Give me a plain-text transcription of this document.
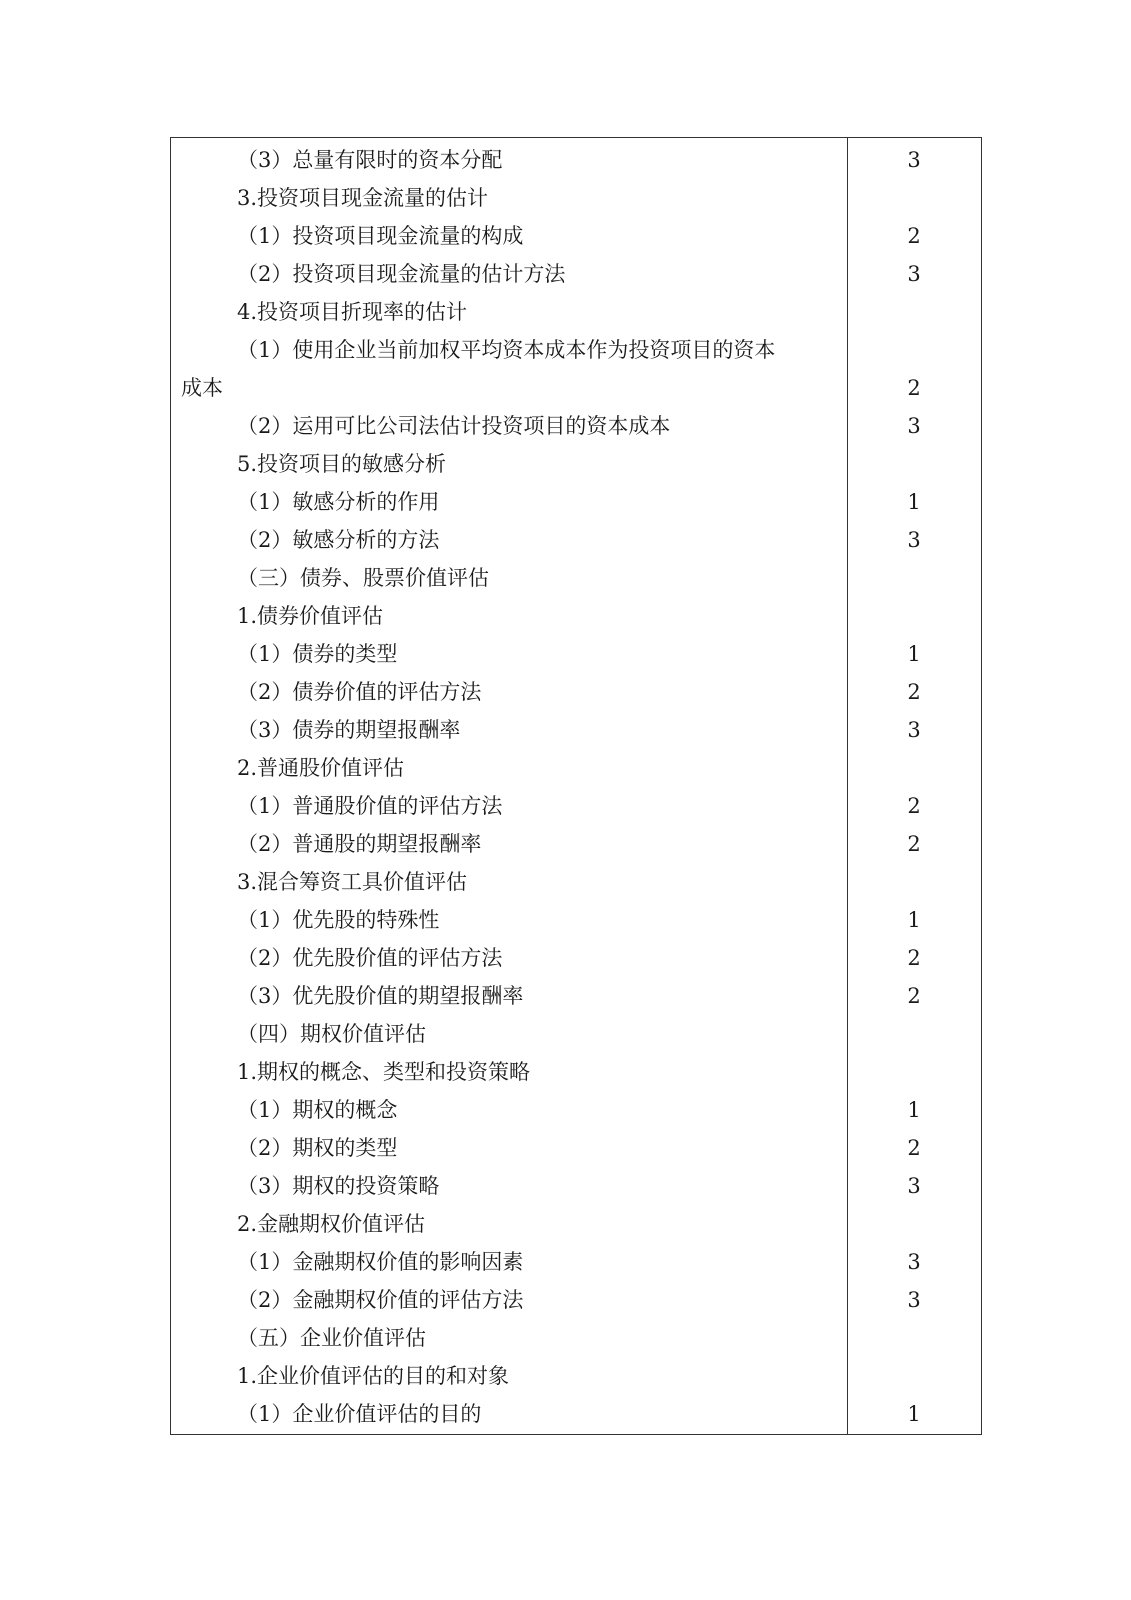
（3）总量有限时的资本分配	3
3.投资项目现金流量的估计
（1）投资项目现金流量的构成	2
（2）投资项目现金流量的估计方法	3
4.投资项目折现率的估计
（1）使用企业当前加权平均资本成本作为投资项目的资本成本	2
（2）运用可比公司法估计投资项目的资本成本	3
5.投资项目的敏感分析
（1）敏感分析的作用	1
（2）敏感分析的方法	3
（三）债券、股票价值评估
1.债券价值评估
（1）债券的类型	1
（2）债券价值的评估方法	2
（3）债券的期望报酬率	3
2.普通股价值评估
（1）普通股价值的评估方法	2
（2）普通股的期望报酬率	2
3.混合筹资工具价值评估
（1）优先股的特殊性	1
（2）优先股价值的评估方法	2
（3）优先股价值的期望报酬率	2
（四）期权价值评估
1.期权的概念、类型和投资策略
（1）期权的概念	1
（2）期权的类型	2
（3）期权的投资策略	3
2.金融期权价值评估
（1）金融期权价值的影响因素	3
（2）金融期权价值的评估方法	3
（五）企业价值评估
1.企业价值评估的目的和对象
（1）企业价值评估的目的	1
